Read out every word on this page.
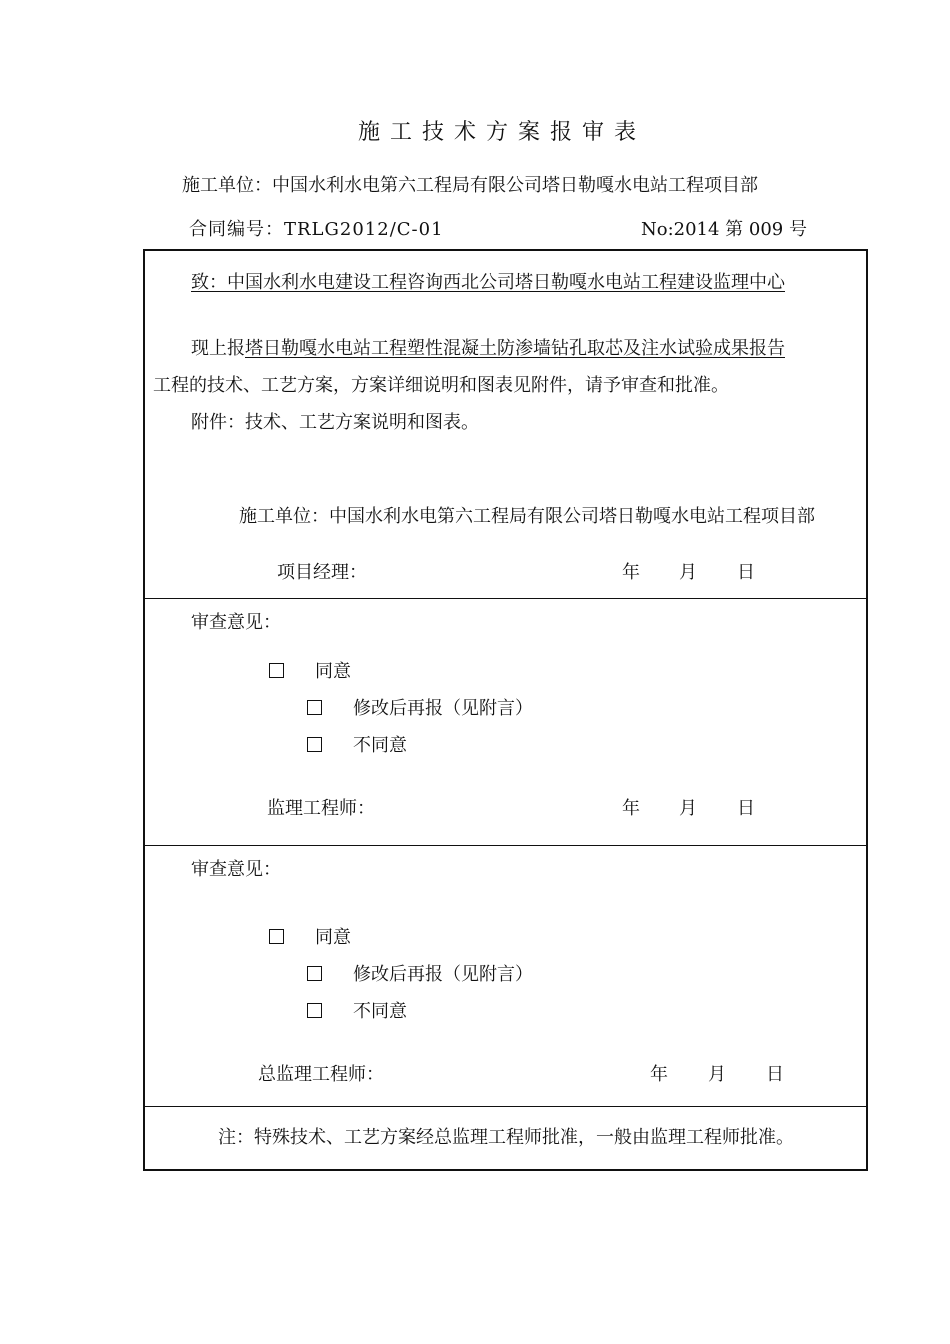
施工技术方案报审表
施工单位：中国水利水电第六工程局有限公司塔日勒嘎水电站工程项目部
合同编号：TRLG2012/C-01	No:2014 第 009 号
致：中国水利水电建设工程咨询西北公司塔日勒嘎水电站工程建设监理中心
现上报塔日勒嘎水电站工程塑性混凝土防渗墙钻孔取芯及注水试验成果报告
工程的技术、工艺方案，方案详细说明和图表见附件，请予审查和批准。
附件：技术、工艺方案说明和图表。
施工单位：中国水利水电第六工程局有限公司塔日勒嘎水电站工程项目部
项目经理：	年 月 日
审查意见：
同意
修改后再报（见附言）
不同意
监理工程师：	年 月 日
审查意见：
同意
修改后再报（见附言）
不同意
总监理工程师：	年 月 日
注：特殊技术、工艺方案经总监理工程师批准，一般由监理工程师批准。
